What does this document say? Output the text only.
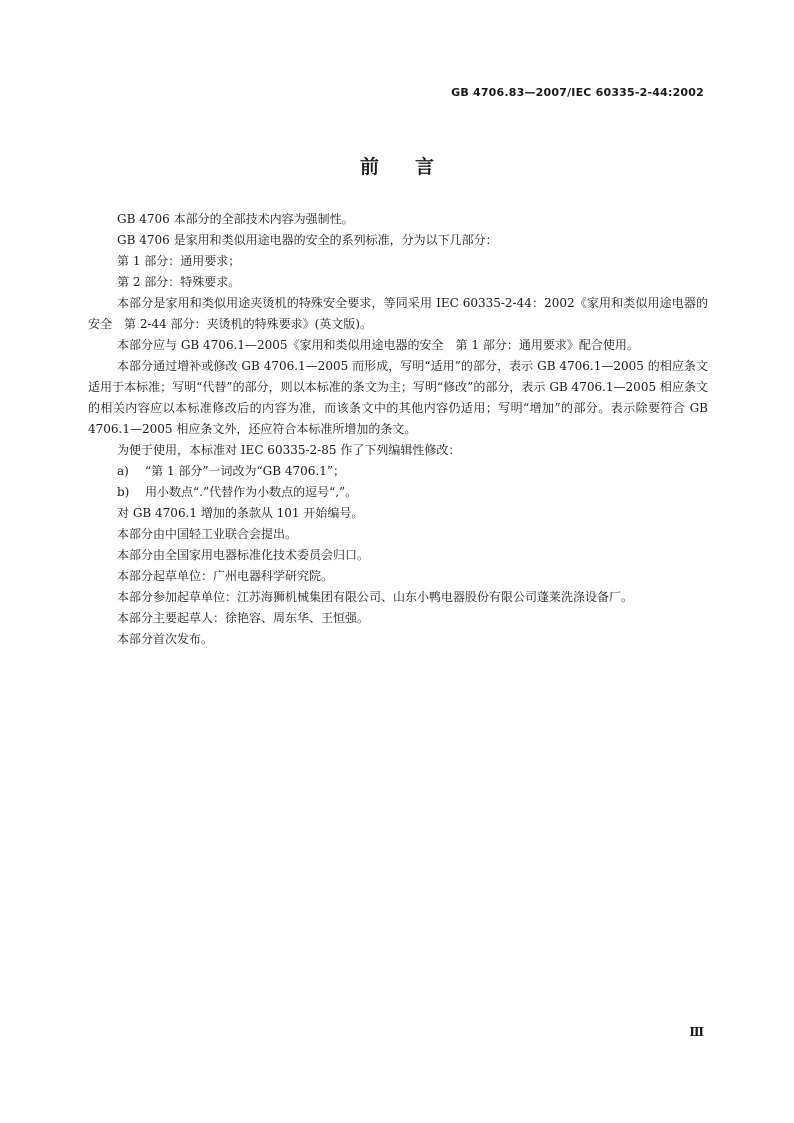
GB 4706.83—2007/IEC 60335-2-44:2002
前言

GB 4706 本部分的全部技术内容为强制性。

GB 4706 是家用和类似用途电器的安全的系列标准，分为以下几部分：

第 1 部分：通用要求；

第 2 部分：特殊要求。

本部分是家用和类似用途夹烫机的特殊安全要求，等同采用 IEC 60335-2-44：2002《家用和类似用途电器的安全　第 2-44 部分：夹烫机的特殊要求》(英文版)。

本部分应与 GB 4706.1—2005《家用和类似用途电器的安全　第 1 部分：通用要求》配合使用。

本部分通过增补或修改 GB 4706.1—2005 而形成，写明“适用”的部分，表示 GB 4706.1—2005 的相应条文适用于本标准；写明“代替”的部分，则以本标准的条文为主；写明“修改”的部分，表示 GB 4706.1—2005 相应条文的相关内容应以本标准修改后的内容为准，而该条文中的其他内容仍适用；写明“增加”的部分。表示除要符合 GB 4706.1—2005 相应条文外，还应符合本标准所增加的条文。

为便于使用，本标准对 IEC 60335-2-85 作了下列编辑性修改：

a) “第 1 部分”一词改为“GB 4706.1”；

b) 用小数点“.”代替作为小数点的逗号“,”。

对 GB 4706.1 增加的条款从 101 开始编号。

本部分由中国轻工业联合会提出。

本部分由全国家用电器标准化技术委员会归口。

本部分起草单位：广州电器科学研究院。

本部分参加起草单位：江苏海狮机械集团有限公司、山东小鸭电器股份有限公司蓬莱洗涤设备厂。

本部分主要起草人：徐艳容、周东华、王恒强。

本部分首次发布。

Ⅲ
